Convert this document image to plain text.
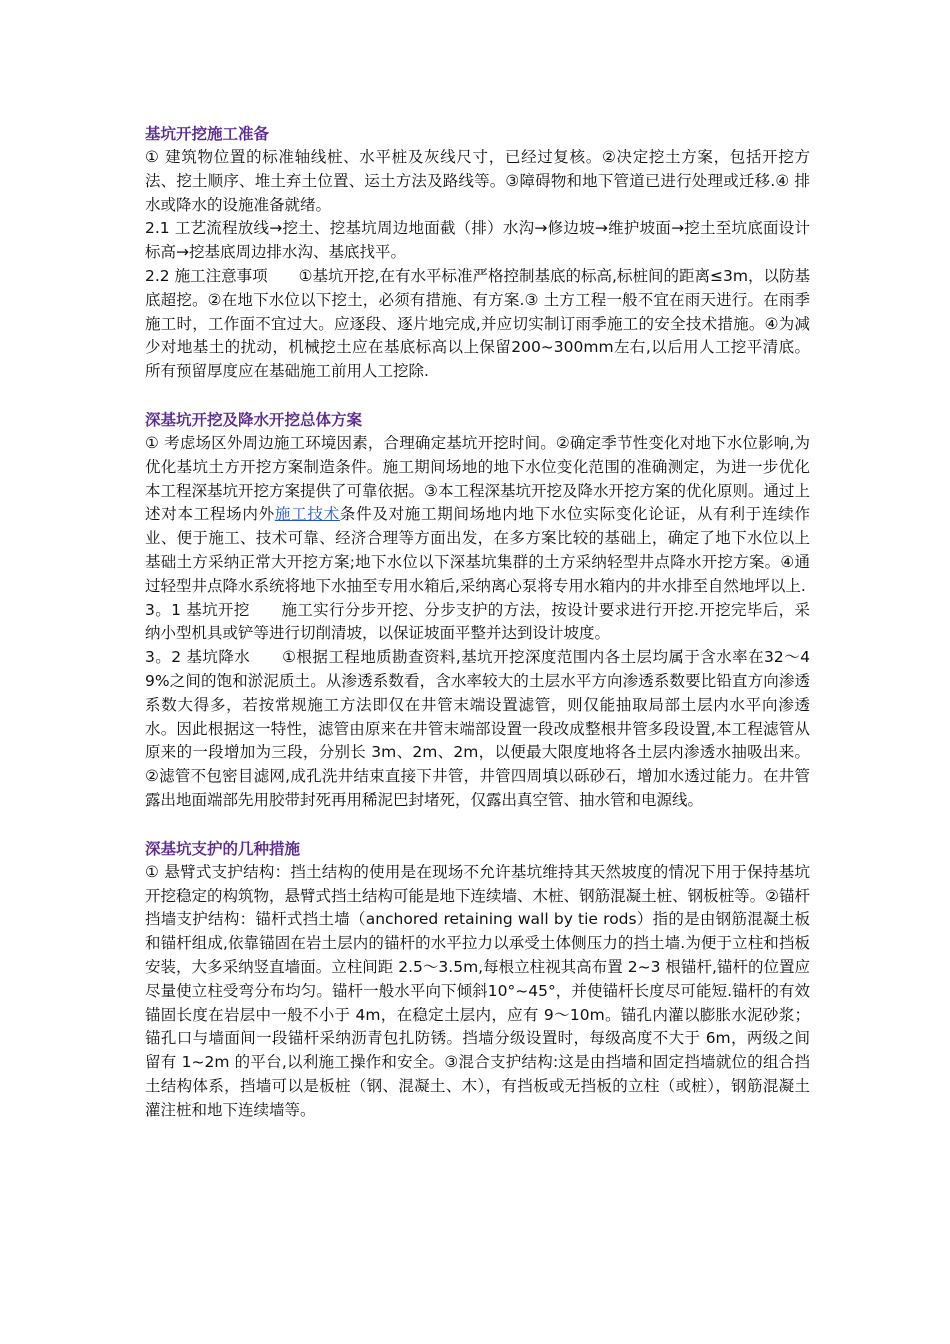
基坑开挖施工准备

① 建筑物位置的标准轴线桩、水平桩及灰线尺寸，已经过复核。②决定挖土方案，包括开挖方法、挖土顺序、堆土弃土位置、运土方法及路线等。③障碍物和地下管道已进行处理或迁移.④ 排水或降水的设施准备就绪。

2.1 工艺流程放线→挖土、挖基坑周边地面截（排）水沟→修边坡→维护坡面→挖土至坑底面设计标高→挖基底周边排水沟、基底找平。

2.2 施工注意事项　　①基坑开挖,在有水平标准严格控制基底的标高,标桩间的距离≤3m，以防基底超挖。②在地下水位以下挖土，必须有措施、有方案.③ 土方工程一般不宜在雨天进行。在雨季施工时，工作面不宜过大。应逐段、逐片地完成,并应切实制订雨季施工的安全技术措施。④为减少对地基土的扰动，机械挖土应在基底标高以上保留200~300mm左右,以后用人工挖平清底。所有预留厚度应在基础施工前用人工挖除.

深基坑开挖及降水开挖总体方案

① 考虑场区外周边施工环境因素，合理确定基坑开挖时间。②确定季节性变化对地下水位影响,为优化基坑土方开挖方案制造条件。施工期间场地的地下水位变化范围的准确测定，为进一步优化本工程深基坑开挖方案提供了可靠依据。③本工程深基坑开挖及降水开挖方案的优化原则。通过上述对本工程场内外施工技术条件及对施工期间场地内地下水位实际变化论证，从有利于连续作业、便于施工、技术可靠、经济合理等方面出发，在多方案比较的基础上，确定了地下水位以上基础土方采纳正常大开挖方案;地下水位以下深基坑集群的土方采纳轻型井点降水开挖方案。④通过轻型井点降水系统将地下水抽至专用水箱后,采纳离心泵将专用水箱内的井水排至自然地坪以上.

3。1 基坑开挖　　施工实行分步开挖、分步支护的方法，按设计要求进行开挖.开挖完毕后，采纳小型机具或铲等进行切削清坡，以保证坡面平整并达到设计坡度。

3。2 基坑降水　　①根据工程地质勘查资料,基坑开挖深度范围内各土层均属于含水率在32～49%之间的饱和淤泥质土。从渗透系数看，含水率较大的土层水平方向渗透系数要比铅直方向渗透系数大得多，若按常规施工方法即仅在井管末端设置滤管，则仅能抽取局部土层内水平向渗透水。因此根据这一特性，滤管由原来在井管末端部设置一段改成整根井管多段设置,本工程滤管从原来的一段增加为三段，分别长 3m、2m、2m，以便最大限度地将各土层内渗透水抽吸出来。②滤管不包密目滤网,成孔洗井结束直接下井管，井管四周填以砾砂石，增加水透过能力。在井管露出地面端部先用胶带封死再用稀泥巴封堵死，仅露出真空管、抽水管和电源线。

深基坑支护的几种措施

① 悬臂式支护结构：挡土结构的使用是在现场不允许基坑维持其天然坡度的情况下用于保持基坑开挖稳定的构筑物，悬臂式挡土结构可能是地下连续墙、木桩、钢筋混凝土桩、钢板桩等。②锚杆挡墙支护结构：锚杆式挡土墙（anchored retaining wall by tie rods）指的是由钢筋混凝土板和锚杆组成,依靠锚固在岩土层内的锚杆的水平拉力以承受土体侧压力的挡土墙.为便于立柱和挡板安装，大多采纳竖直墙面。立柱间距 2.5～3.5m,每根立柱视其高布置 2~3 根锚杆,锚杆的位置应尽量使立柱受弯分布均匀。锚杆一般水平向下倾斜10°~45°，并使锚杆长度尽可能短.锚杆的有效锚固长度在岩层中一般不小于 4m，在稳定土层内，应有 9～10m。锚孔内灌以膨胀水泥砂浆；锚孔口与墙面间一段锚杆采纳沥青包扎防锈。挡墙分级设置时，每级高度不大于 6m，两级之间留有 1~2m 的平台,以利施工操作和安全。③混合支护结构:这是由挡墙和固定挡墙就位的组合挡土结构体系，挡墙可以是板桩（钢、混凝土、木），有挡板或无挡板的立柱（或桩），钢筋混凝土灌注桩和地下连续墙等。
